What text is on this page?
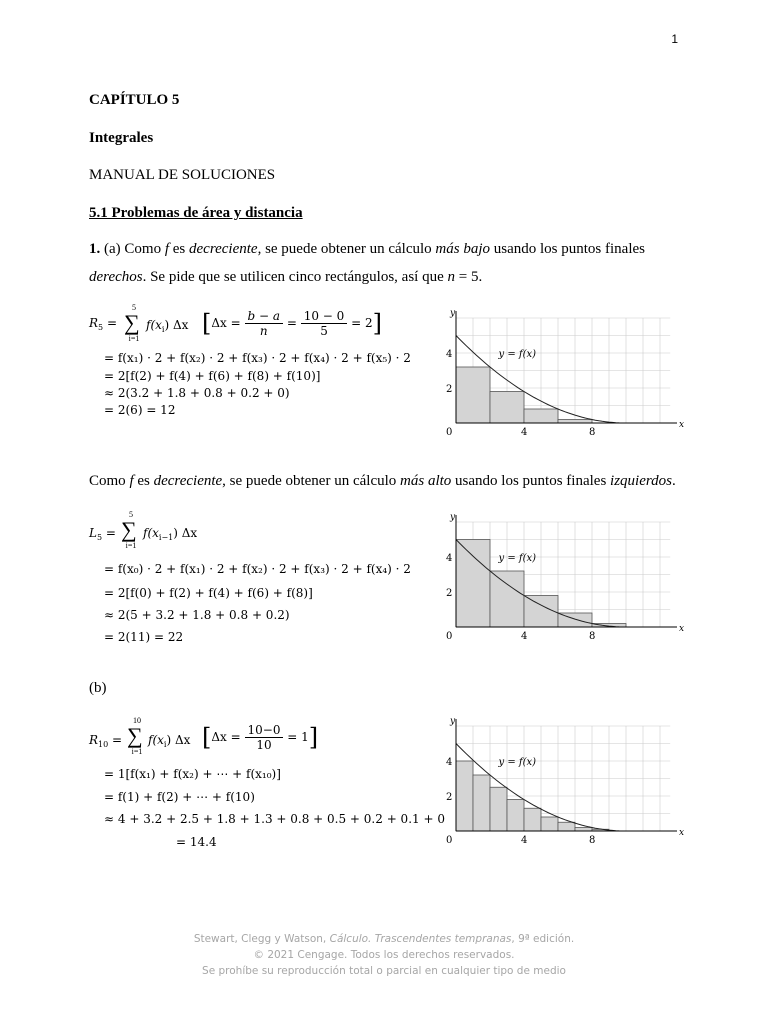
1
CAPÍTULO 5
Integrales
MANUAL DE SOLUCIONES
5.1 Problemas de área y distancia
1. (a) Como f es decreciente, se puede obtener un cálculo más bajo usando los puntos finales
derechos. Se pide que se utilicen cinco rectángulos, así que n = 5.
$R_5$ =
5
∑
i=1
$f(x_i)$ Δx $[\Delta x = \frac{b - a}{n} = \frac{10 - 0}{5} = 2]$
= f(x₁) · 2 + f(x₂) · 2 + f(x₃) · 2 + f(x₄) · 2 + f(x₅) · 2
= 2[f(2) + f(4) + f(6) + f(8) + f(10)]
≈ 2(3.2 + 1.8 + 0.8 + 0.2 + 0)
= 2(6) = 12
y
x
0	4	8
2
4	y = f(x)
Como f es decreciente, se puede obtener un cálculo más alto usando los puntos finales izquierdos.
$L_5$ =
5
∑
i=1
$f(x_{i-1})$ Δx
= f(x₀) · 2 + f(x₁) · 2 + f(x₂) · 2 + f(x₃) · 2 + f(x₄) · 2
= 2[f(0) + f(2) + f(4) + f(6) + f(8)]
≈ 2(5 + 3.2 + 1.8 + 0.8 + 0.2)
= 2(11) = 22
y
x
0	4	8
2
4	y = f(x)
(b)
$R_{10}$ =
10
∑
i=1
$f(x_i)$ Δx $[\Delta x = \frac{10-0}{10} = 1]$
= 1[f(x₁) + f(x₂) + ⋯ + f(x₁₀)]
= f(1) + f(2) + ⋯ + f(10)
≈ 4 + 3.2 + 2.5 + 1.8 + 1.3 + 0.8 + 0.5 + 0.2 + 0.1 + 0
= 14.4
y
x
0	4	8
2
4	y = f(x)
Stewart, Clegg y Watson, Cálculo. Trascendentes tempranas, 9ª edición.
© 2021 Cengage. Todos los derechos reservados.
Se prohíbe su reproducción total o parcial en cualquier tipo de medio
